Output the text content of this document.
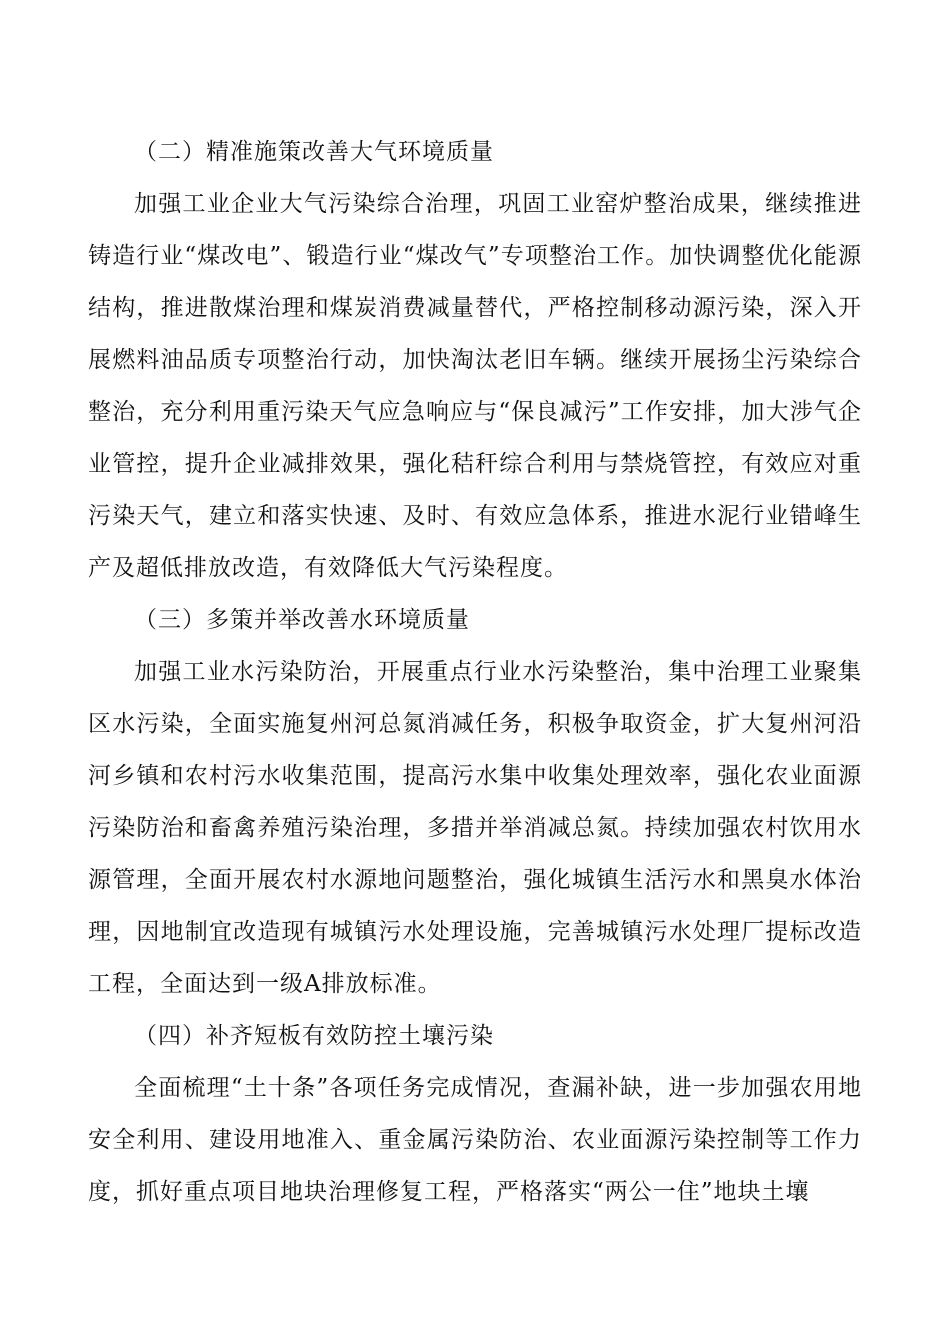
（二）精准施策改善大气环境质量

加强工业企业大气污染综合治理，巩固工业窑炉整治成果，继续推进铸造行业“煤改电”、锻造行业“煤改气”专项整治工作。加快调整优化能源结构，推进散煤治理和煤炭消费减量替代，严格控制移动源污染，深入开展燃料油品质专项整治行动，加快淘汰老旧车辆。继续开展扬尘污染综合整治，充分利用重污染天气应急响应与“保良减污”工作安排，加大涉气企业管控，提升企业减排效果，强化秸秆综合利用与禁烧管控，有效应对重污染天气，建立和落实快速、及时、有效应急体系，推进水泥行业错峰生产及超低排放改造，有效降低大气污染程度。

（三）多策并举改善水环境质量

加强工业水污染防治，开展重点行业水污染整治，集中治理工业聚集区水污染，全面实施复州河总氮消减任务，积极争取资金，扩大复州河沿河乡镇和农村污水收集范围，提高污水集中收集处理效率，强化农业面源污染防治和畜禽养殖污染治理，多措并举消减总氮。持续加强农村饮用水源管理，全面开展农村水源地问题整治，强化城镇生活污水和黑臭水体治理，因地制宜改造现有城镇污水处理设施，完善城镇污水处理厂提标改造工程，全面达到一级A排放标准。

（四）补齐短板有效防控土壤污染

全面梳理“土十条”各项任务完成情况，查漏补缺，进一步加强农用地安全利用、建设用地准入、重金属污染防治、农业面源污染控制等工作力度，抓好重点项目地块治理修复工程，严格落实“两公一住”地块土壤
